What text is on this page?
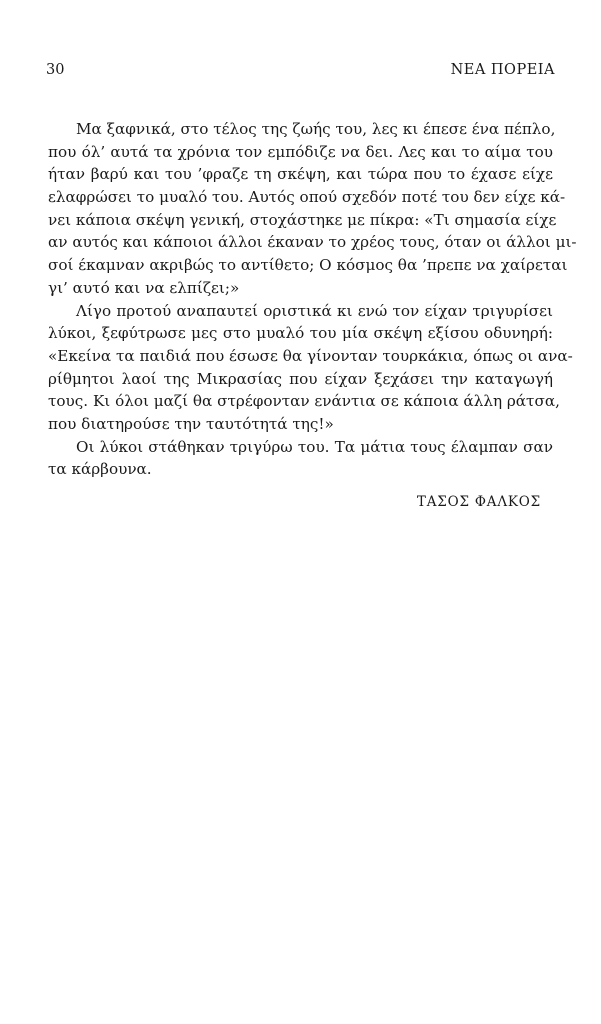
30	ΝΕΑ ΠΟΡΕΙΑ
Μα ξαφνικά, στο τέλος της ζωής του, λες κι έπεσε ένα πέπλο,
που όλ’ αυτά τα χρόνια τον εμπόδιζε να δει. Λες και το αίμα του
ήταν βαρύ και του ’φραζε τη σκέψη, και τώρα που το έχασε είχε
ελαφρώσει το μυαλό του. Αυτός οπού σχεδόν ποτέ του δεν είχε κά-
νει κάποια σκέψη γενική, στοχάστηκε με πίκρα: «Τι σημασία είχε
αν αυτός και κάποιοι άλλοι έκαναν το χρέος τους, όταν οι άλλοι μι-
σοί έκαμναν ακριβώς το αντίθετο; Ο κόσμος θα ’πρεπε να χαίρεται
γι’ αυτό και να ελπίζει;»
Λίγο προτού αναπαυτεί οριστικά κι ενώ τον είχαν τριγυρίσει
λύκοι, ξεφύτρωσε μες στο μυαλό του μία σκέψη εξίσου οδυνηρή:
«Εκείνα τα παιδιά που έσωσε θα γίνονταν τουρκάκια, όπως οι ανα-
ρίθμητοι λαοί της Μικρασίας που είχαν ξεχάσει την καταγωγή
τους. Κι όλοι μαζί θα στρέφονταν ενάντια σε κάποια άλλη ράτσα,
που διατηρούσε την ταυτότητά της!»
Οι λύκοι στάθηκαν τριγύρω του. Τα μάτια τους έλαμπαν σαν
τα κάρβουνα.
ΤΑΣΟΣ ΦΑΛΚΟΣ
